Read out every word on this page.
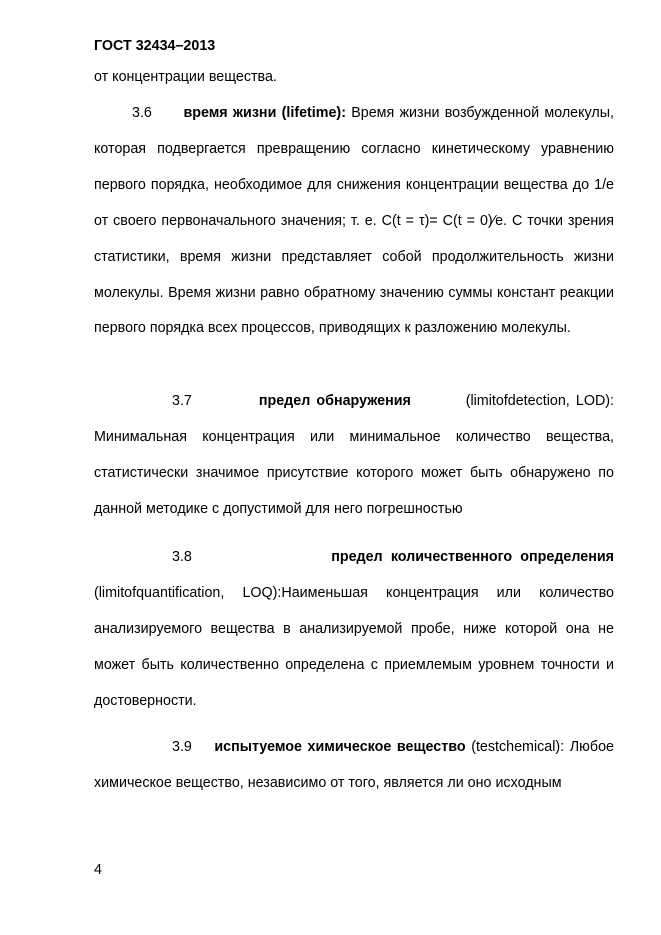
ГОСТ 32434–2013

от концентрации вещества.

3.6 время жизни (lifetime): Время жизни возбужденной молекулы, которая подвергается превращению согласно кинетическому уравнению первого порядка, необходимое для снижения концентрации вещества до 1/е от своего первоначального значения; т. е. C(t = τ)= C(t = 0)⁄e. С точки зрения статистики, время жизни представляет собой продолжительность жизни молекулы. Время жизни равно обратному значению суммы констант реакции первого порядка всех процессов, приводящих к разложению молекулы.

3.7	предел обнаружения	(limitofdetection, LOD): Минимальная концентрация или минимальное количество вещества, статистически значимое присутствие которого может быть обнаружено по данной методике с допустимой для него погрешностью

3.8	предел количественного определения (limitofquantification, LOQ):Наименьшая концентрация или количество анализируемого вещества в анализируемой пробе, ниже которой она не может быть количественно определена с приемлемым уровнем точности и достоверности.

3.9 испытуемое химическое вещество (testchemical): Любое химическое вещество, независимо от того, является ли оно исходным

4
